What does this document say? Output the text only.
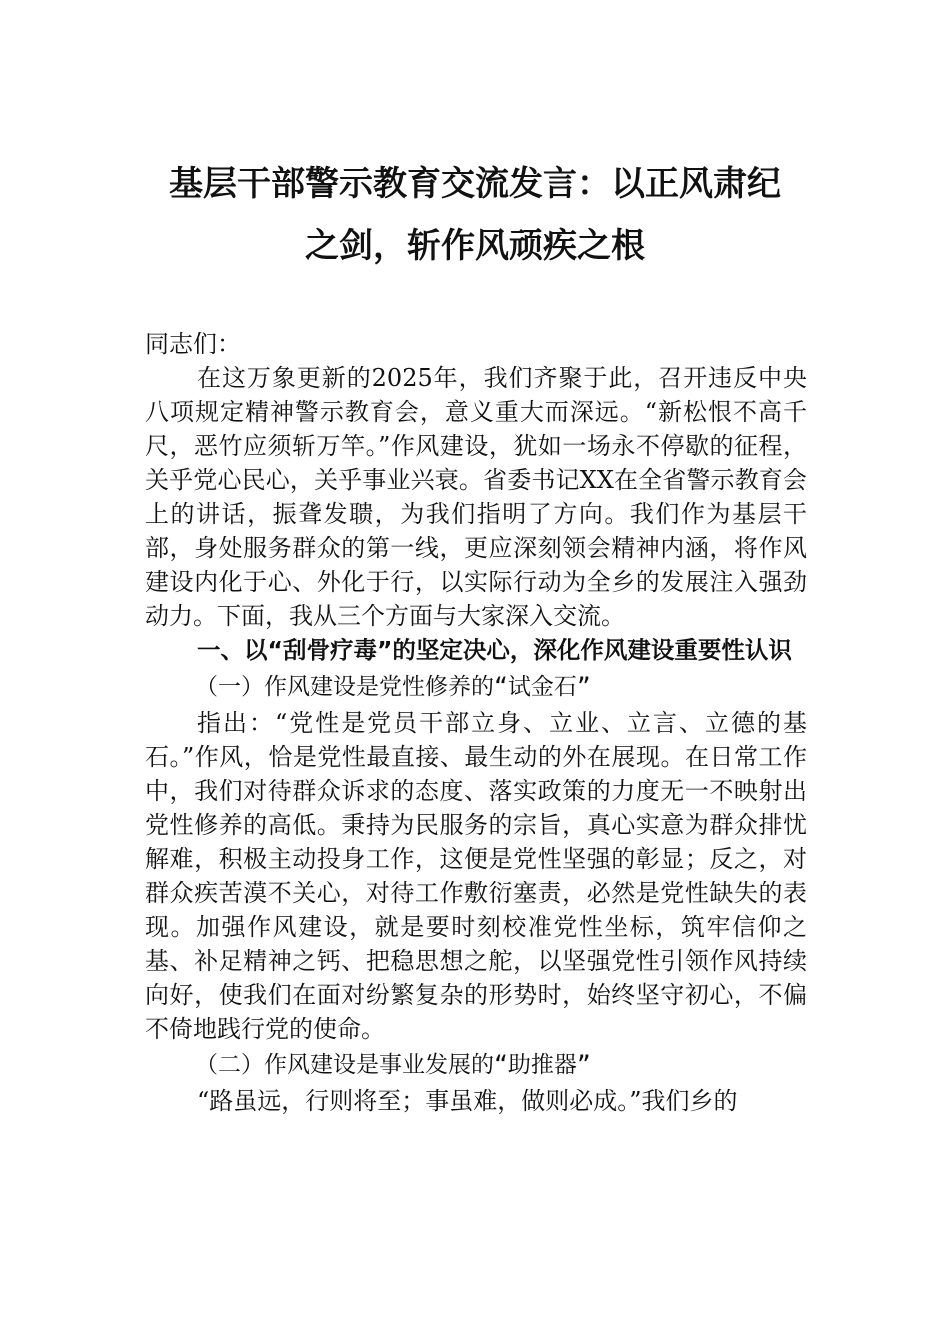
基层干部警示教育交流发言：以正风肃纪
之剑，斩作风顽疾之根

同志们：

在这万象更新的2025年，我们齐聚于此，召开违反中央八项规定精神警示教育会，意义重大而深远。“新松恨不高千尺，恶竹应须斩万竿。”作风建设，犹如一场永不停歇的征程，关乎党心民心，关乎事业兴衰。省委书记XX在全省警示教育会上的讲话，振聋发聩，为我们指明了方向。我们作为基层干部，身处服务群众的第一线，更应深刻领会精神内涵，将作风建设内化于心、外化于行，以实际行动为全乡的发展注入强劲动力。下面，我从三个方面与大家深入交流。

一、以“刮骨疗毒”的坚定决心，深化作风建设重要性认识

（一）作风建设是党性修养的“试金石”

指出：“党性是党员干部立身、立业、立言、立德的基石。”作风，恰是党性最直接、最生动的外在展现。在日常工作中，我们对待群众诉求的态度、落实政策的力度无一不映射出党性修养的高低。秉持为民服务的宗旨，真心实意为群众排忧解难，积极主动投身工作，这便是党性坚强的彰显；反之，对群众疾苦漠不关心，对待工作敷衍塞责，必然是党性缺失的表现。加强作风建设，就是要时刻校准党性坐标，筑牢信仰之基、补足精神之钙、把稳思想之舵，以坚强党性引领作风持续向好，使我们在面对纷繁复杂的形势时，始终坚守初心，不偏不倚地践行党的使命。

（二）作风建设是事业发展的“助推器”

“路虽远，行则将至；事虽难，做则必成。”我们乡的
